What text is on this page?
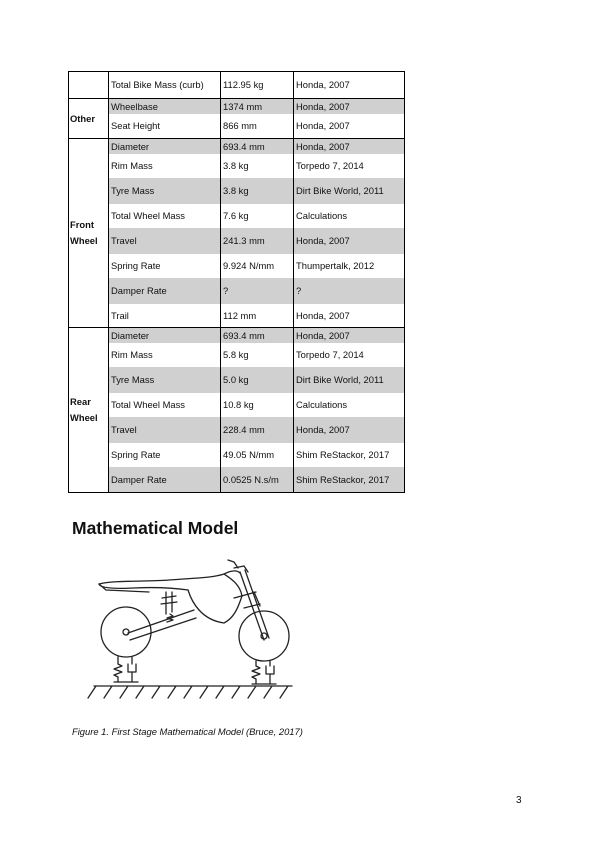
	Total Bike Mass (curb)	112.95 kg	Honda, 2007
Other	Wheelbase	1374 mm	Honda, 2007
	Seat Height	866 mm	Honda, 2007
Front Wheel	Diameter	693.4 mm	Honda, 2007
	Rim Mass	3.8 kg	Torpedo 7, 2014
	Tyre Mass	3.8 kg	Dirt Bike World, 2011
	Total Wheel Mass	7.6 kg	Calculations
	Travel	241.3 mm	Honda, 2007
	Spring Rate	9.924 N/mm	Thumpertalk, 2012
	Damper Rate	?	?
	Trail	112 mm	Honda, 2007
Rear Wheel	Diameter	693.4 mm	Honda, 2007
	Rim Mass	5.8 kg	Torpedo 7, 2014
	Tyre Mass	5.0 kg	Dirt Bike World, 2011
	Total Wheel Mass	10.8 kg	Calculations
	Travel	228.4 mm	Honda, 2007
	Spring Rate	49.05 N/mm	Shim ReStackor, 2017
	Damper Rate	0.0525 N.s/m	Shim ReStackor, 2017
Mathematical Model
Figure 1. First Stage Mathematical Model (Bruce, 2017)
3
